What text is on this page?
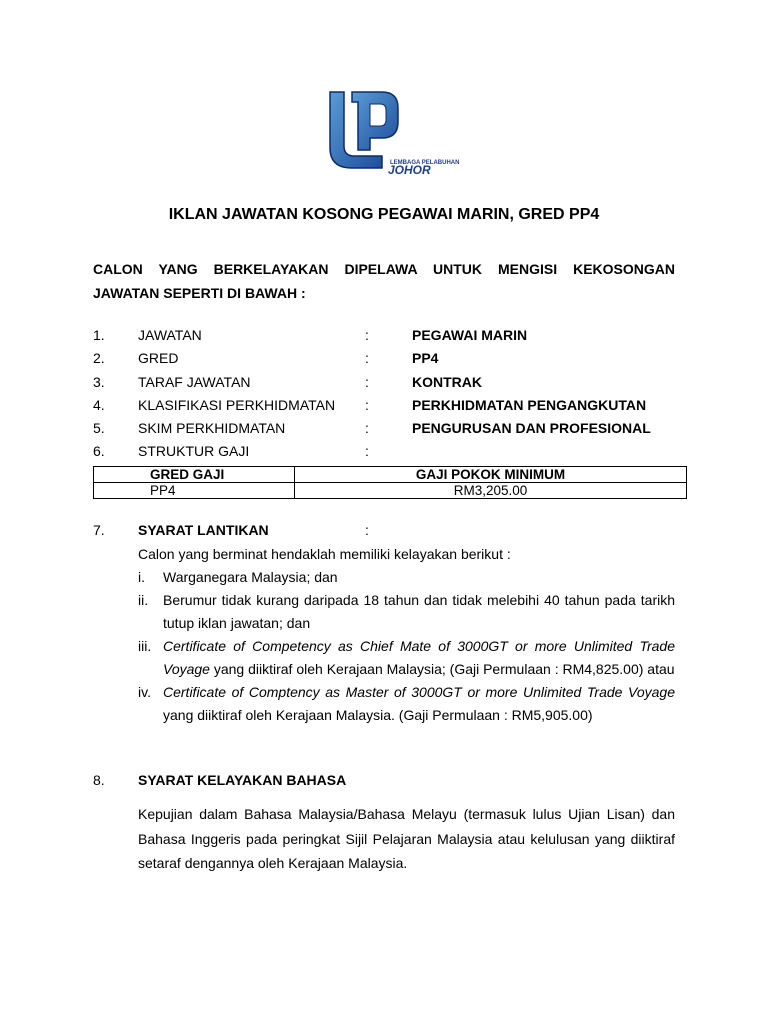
LEMBAGA PELABUHAN
JOHOR
IKLAN JAWATAN KOSONG PEGAWAI MARIN, GRED PP4
CALON YANG BERKELAYAKAN DIPELAWA UNTUK MENGISI KEKOSONGAN
JAWATAN SEPERTI DI BAWAH :
1. JAWATAN	:	PEGAWAI MARIN
2. GRED	:	PP4
3. TARAF JAWATAN	:	KONTRAK
4. KLASIFIKASI PERKHIDMATAN :	PERKHIDMATAN PENGANGKUTAN
5. SKIM PERKHIDMATAN	:	PENGURUSAN DAN PROFESIONAL
6. STRUKTUR GAJI	:
GRED GAJI	GAJI POKOK MINIMUM
PP4	RM3,205.00
7. SYARAT LANTIKAN	:
Calon yang berminat hendaklah memiliki kelayakan berikut :
i. Warganegara Malaysia; dan
ii. Berumur tidak kurang daripada 18 tahun dan tidak melebihi 40 tahun pada tarikh
tutup iklan jawatan; dan
iii. Certificate of Competency as Chief Mate of 3000GT or more Unlimited Trade
Voyage yang diiktiraf oleh Kerajaan Malaysia; (Gaji Permulaan : RM4,825.00) atau
iv. Certificate of Comptency as Master of 3000GT or more Unlimited Trade Voyage
yang diiktiraf oleh Kerajaan Malaysia. (Gaji Permulaan : RM5,905.00)
8. SYARAT KELAYAKAN BAHASA
Kepujian dalam Bahasa Malaysia/Bahasa Melayu (termasuk lulus Ujian Lisan) dan Bahasa Inggeris pada peringkat Sijil Pelajaran Malaysia atau kelulusan yang diiktiraf setaraf dengannya oleh Kerajaan Malaysia.
